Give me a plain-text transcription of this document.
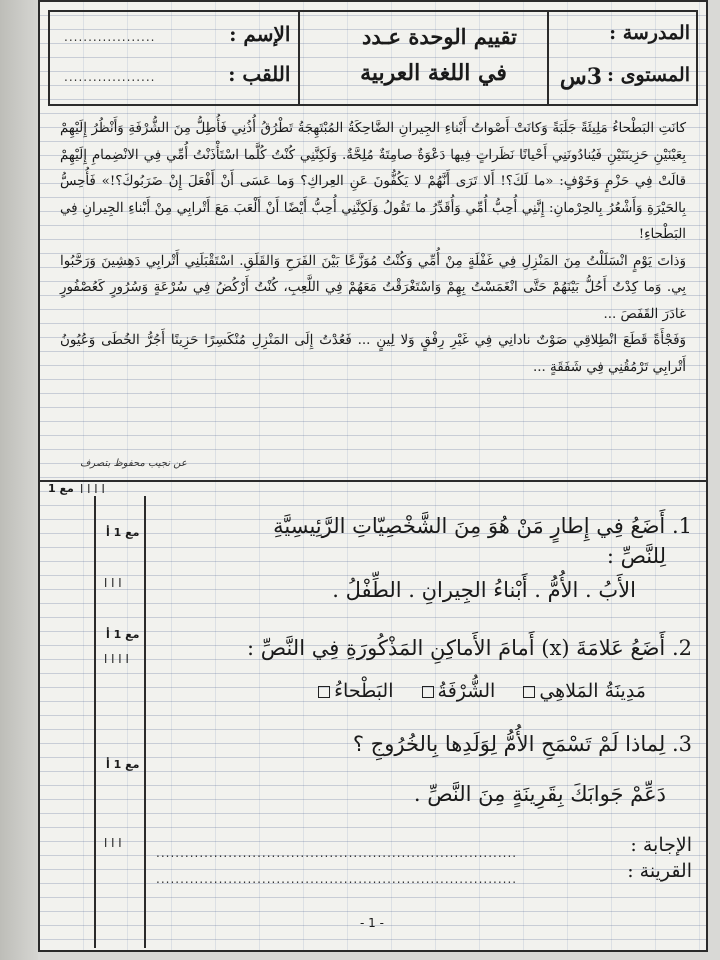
المدرسة :
المستوى :
3س
تقييم الوحدة عـدد
في اللغة العربية
الإسم :
...................
اللقب :
...................

كانَتِ البَطْحاءُ مَلِيئَةً جَلَبَةً وَكانَتْ أَصْواتُ أَبْناءِ الجِيرانِ الضَّاحِكَةُ المُبْتَهِجَةُ تَطْرُقُ أُذُنِي فَأُطِلُّ مِنَ الشُّرْفَةِ وَأَنْظُرُ إِلَيْهِمْ بِعَيْنَيْنِ حَزِينَتَيْنِ فَيُنادُونَنِي أَحْيانًا نَظَراتٍ فِيها دَعْوَةٌ صامِتَةٌ مُلِحَّةٌ. وَلَكِنَّنِي كُنْتُ كُلَّما اسْتَأْذَنْتُ أُمِّي فِي الانْضِمامِ إِلَيْهِمْ قالَتْ فِي حَزْمٍ وَخَوْفٍ: «ما لَكَ؟! أَلا تَرَى أَنَّهُمْ لا يَكُفُّونَ عَنِ العِراكِ؟ وَما عَسَى أَنْ أَفْعَلَ إِنْ ضَرَبُوكَ؟!» فَأُحِسُّ بِالحَيْرَةِ وَأَشْعُرُ بِالحِرْمانِ: إِنَّنِي أُحِبُّ أُمِّي وَأُقَدِّرُ ما تَقُولُ وَلَكِنَّنِي أُحِبُّ أَيْضًا أَنْ أَلْعَبَ مَعَ أَتْرابِي مِنْ أَبْناءِ الجِيرانِ فِي البَطْحاءِ!

وَذاتَ يَوْمٍ انْسَلَلْتُ مِنَ المَنْزِلِ فِي غَفْلَةٍ مِنْ أُمِّي وَكُنْتُ مُوَزَّعًا بَيْنَ الفَرَحِ وَالقَلَقِ. اسْتَقْبَلَنِي أَتْرابِي دَهِشِينَ وَرَحَّبُوا بِي. وَما كِدْتُ أَحُلُّ بَيْنَهُمْ حَتَّى انْغَمَسْتُ بِهِمْ وَاسْتَغْرَقْتُ مَعَهُمْ فِي اللَّعِبِ، كُنْتُ أَرْكُضُ فِي سُرْعَةٍ وَسُرُورٍ كَعُصْفُورٍ غادَرَ القَفَصَ ...

وَفَجْأَةً قَطَعَ انْطِلاقِي صَوْتٌ نادانِي فِي غَيْرِ رِفْقٍ وَلا لِينٍ ... فَعُدْتُ إِلَى المَنْزِلِ مُنْكَسِرًا حَزِينًا أَجُرُّ الخُطَى وَعُيُونُ أَتْرابِي تَرْمُقُنِي فِي شَفَقَةٍ ...

عن نجيب محفوظ بتصرف
مع 1 ا ا ا ا
مع 1 أ
ا ا ا
مع 1 أ
ا ا ا ا
مع 1 أ
ا ا ا
1. أَضَعُ فِي إِطارٍ مَنْ هُوَ مِنَ الشَّخْصِيّاتِ الرَّئِيسِيَّةِ
لِلنَّصِّ :
الأَبُ . الأُمُّ . أَبْناءُ الجِيرانِ . الطِّفْلُ .
2. أَضَعُ عَلامَةَ (x) أَمامَ الأَماكِنِ المَذْكُورَةِ فِي النَّصِّ :
مَدِينَةُ المَلاهِي الشُّرْفَةُ البَطْحاءُ
3. لِماذا لَمْ تَسْمَحِ الأُمُّ لِوَلَدِها بِالخُرُوجِ ؟
دَعِّمْ جَوابَكَ بِقَرِينَةٍ مِنَ النَّصِّ .
الإجابة :
...........................................................................
القرينة :
...........................................................................
- 1 -
